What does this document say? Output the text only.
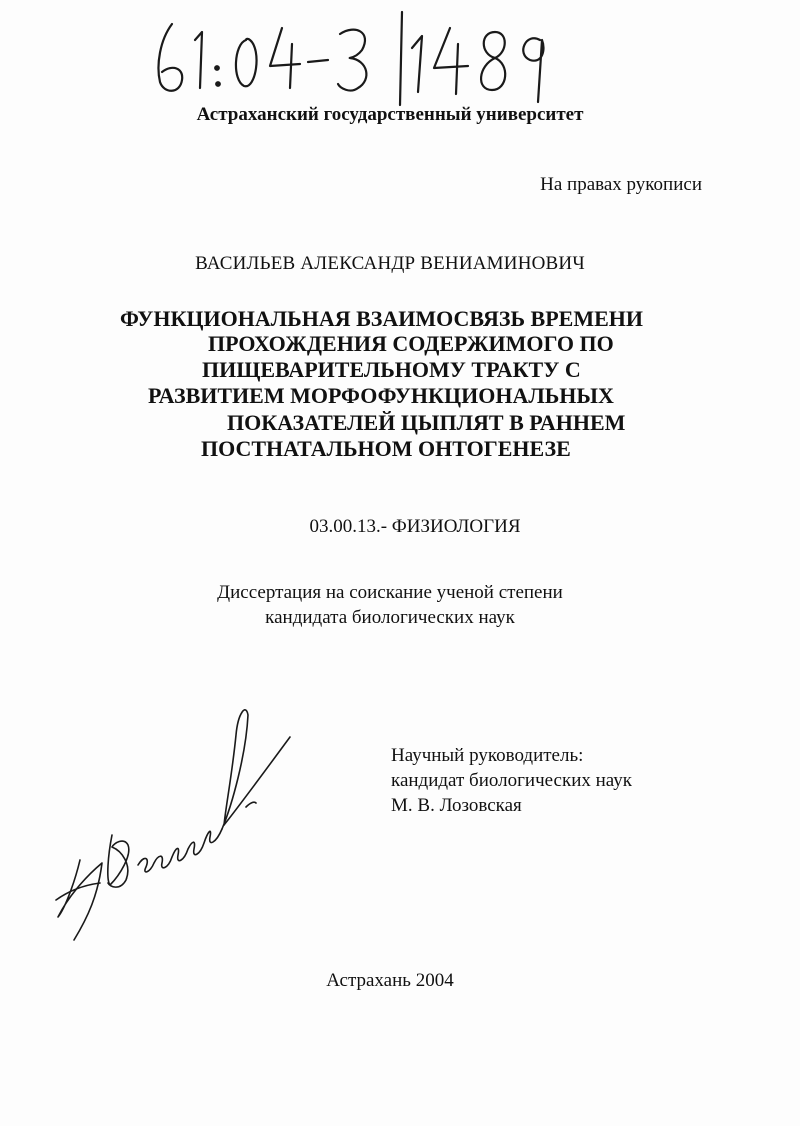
Астраханский государственный университет
На правах рукописи
ВАСИЛЬЕВ АЛЕКСАНДР ВЕНИАМИНОВИЧ
ФУНКЦИОНАЛЬНАЯ ВЗАИМОСВЯЗЬ ВРЕМЕНИ
ПРОХОЖДЕНИЯ СОДЕРЖИМОГО ПО
ПИЩЕВАРИТЕЛЬНОМУ ТРАКТУ С
РАЗВИТИЕМ МОРФОФУНКЦИОНАЛЬНЫХ
ПОКАЗАТЕЛЕЙ ЦЫПЛЯТ В РАННЕМ
ПОСТНАТАЛЬНОМ ОНТОГЕНЕЗЕ
03.00.13.- ФИЗИОЛОГИЯ
Диссертация на соискание ученой степени
кандидата биологических наук
Научный руководитель:
кандидат биологических наук
М. В. Лозовская
Астрахань 2004
